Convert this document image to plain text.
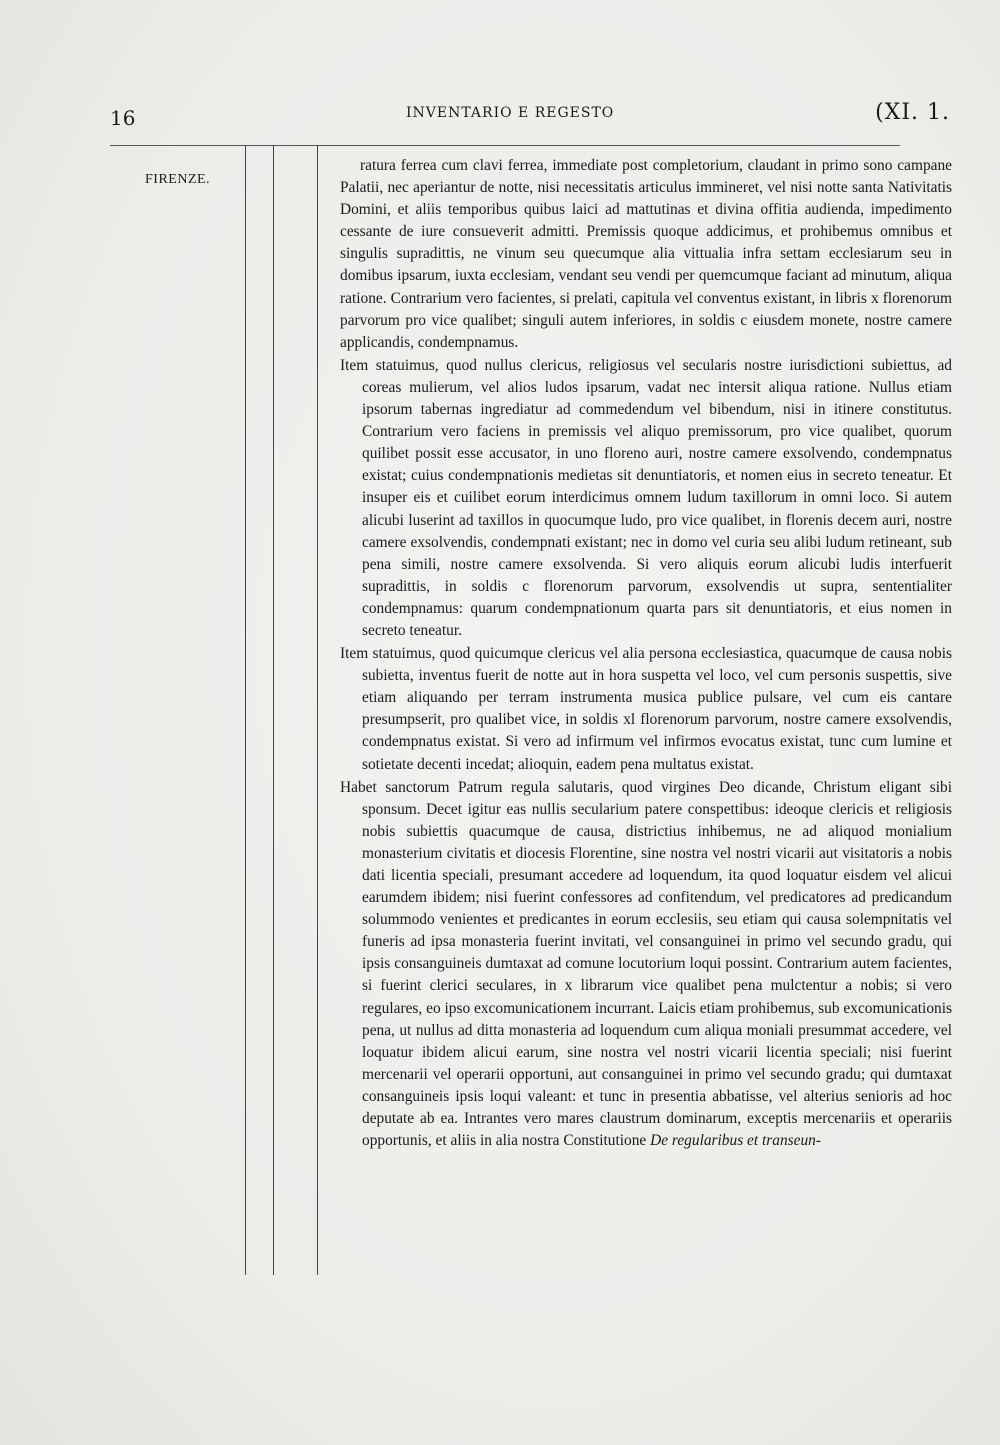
16	INVENTARIO E REGESTO	(XI. 1.
FIRENZE.

ratura ferrea cum clavi ferrea, immediate post completorium, claudant in primo sono campane Palatii, nec aperiantur de notte, nisi necessitatis articulus immineret, vel nisi notte santa Nativitatis Domini, et aliis temporibus quibus laici ad mattutinas et divina offitia audienda, impedimento cessante de iure consueverit admitti. Premissis quoque addicimus, et prohibemus omnibus et singulis supradittis, ne vinum seu quecumque alia vittualia infra settam ecclesiarum seu in domibus ipsarum, iuxta ecclesiam, vendant seu vendi per quemcumque faciant ad minutum, aliqua ratione. Contrarium vero facientes, si prelati, capitula vel conventus existant, in libris x florenorum parvorum pro vice qualibet; singuli autem inferiores, in soldis c eiusdem monete, nostre camere applicandis, condempnamus.

Item statuimus, quod nullus clericus, religiosus vel secularis nostre iurisdictioni subiettus, ad coreas mulierum, vel alios ludos ipsarum, vadat nec intersit aliqua ratione. Nullus etiam ipsorum tabernas ingrediatur ad commedendum vel bibendum, nisi in itinere constitutus. Contrarium vero faciens in premissis vel aliquo premissorum, pro vice qualibet, quorum quilibet possit esse accusator, in uno floreno auri, nostre camere exsolvendo, condempnatus existat; cuius condempnationis medietas sit denuntiatoris, et nomen eius in secreto teneatur. Et insuper eis et cuilibet eorum interdicimus omnem ludum taxillorum in omni loco. Si autem alicubi luserint ad taxillos in quocumque ludo, pro vice qualibet, in florenis decem auri, nostre camere exsolvendis, condempnati existant; nec in domo vel curia seu alibi ludum retineant, sub pena simili, nostre camere exsolvenda. Si vero aliquis eorum alicubi ludis interfuerit supradittis, in soldis c florenorum parvorum, exsolvendis ut supra, sententialiter condempnamus: quarum condempnationum quarta pars sit denuntiatoris, et eius nomen in secreto teneatur.

Item statuimus, quod quicumque clericus vel alia persona ecclesiastica, quacumque de causa nobis subietta, inventus fuerit de notte aut in hora suspetta vel loco, vel cum personis suspettis, sive etiam aliquando per terram instrumenta musica publice pulsare, vel cum eis cantare presumpserit, pro qualibet vice, in soldis xl florenorum parvorum, nostre camere exsolvendis, condempnatus existat. Si vero ad infirmum vel infirmos evocatus existat, tunc cum lumine et sotietate decenti incedat; alioquin, eadem pena multatus existat.

Habet sanctorum Patrum regula salutaris, quod virgines Deo dicande, Christum eligant sibi sponsum. Decet igitur eas nullis secularium patere conspettibus: ideoque clericis et religiosis nobis subiettis quacumque de causa, districtius inhibemus, ne ad aliquod monialium monasterium civitatis et diocesis Florentine, sine nostra vel nostri vicarii aut visitatoris a nobis dati licentia speciali, presumant accedere ad loquendum, ita quod loquatur eisdem vel alicui earumdem ibidem; nisi fuerint confessores ad confitendum, vel predicatores ad predicandum solummodo venientes et predicantes in eorum ecclesiis, seu etiam qui causa solempnitatis vel funeris ad ipsa monasteria fuerint invitati, vel consanguinei in primo vel secundo gradu, qui ipsis consanguineis dumtaxat ad comune locutorium loqui possint. Contrarium autem facientes, si fuerint clerici seculares, in x librarum vice qualibet pena mulctentur a nobis; si vero regulares, eo ipso excomunicationem incurrant. Laicis etiam prohibemus, sub excomunicationis pena, ut nullus ad ditta monasteria ad loquendum cum aliqua moniali presummat accedere, vel loquatur ibidem alicui earum, sine nostra vel nostri vicarii licentia speciali; nisi fuerint mercenarii vel operarii opportuni, aut consanguinei in primo vel secundo gradu; qui dumtaxat consanguineis ipsis loqui valeant: et tunc in presentia abbatisse, vel alterius senioris ad hoc deputate ab ea. Intrantes vero mares claustrum dominarum, exceptis mercenariis et operariis opportunis, et aliis in alia nostra Constitutione De regularibus et transeun-
